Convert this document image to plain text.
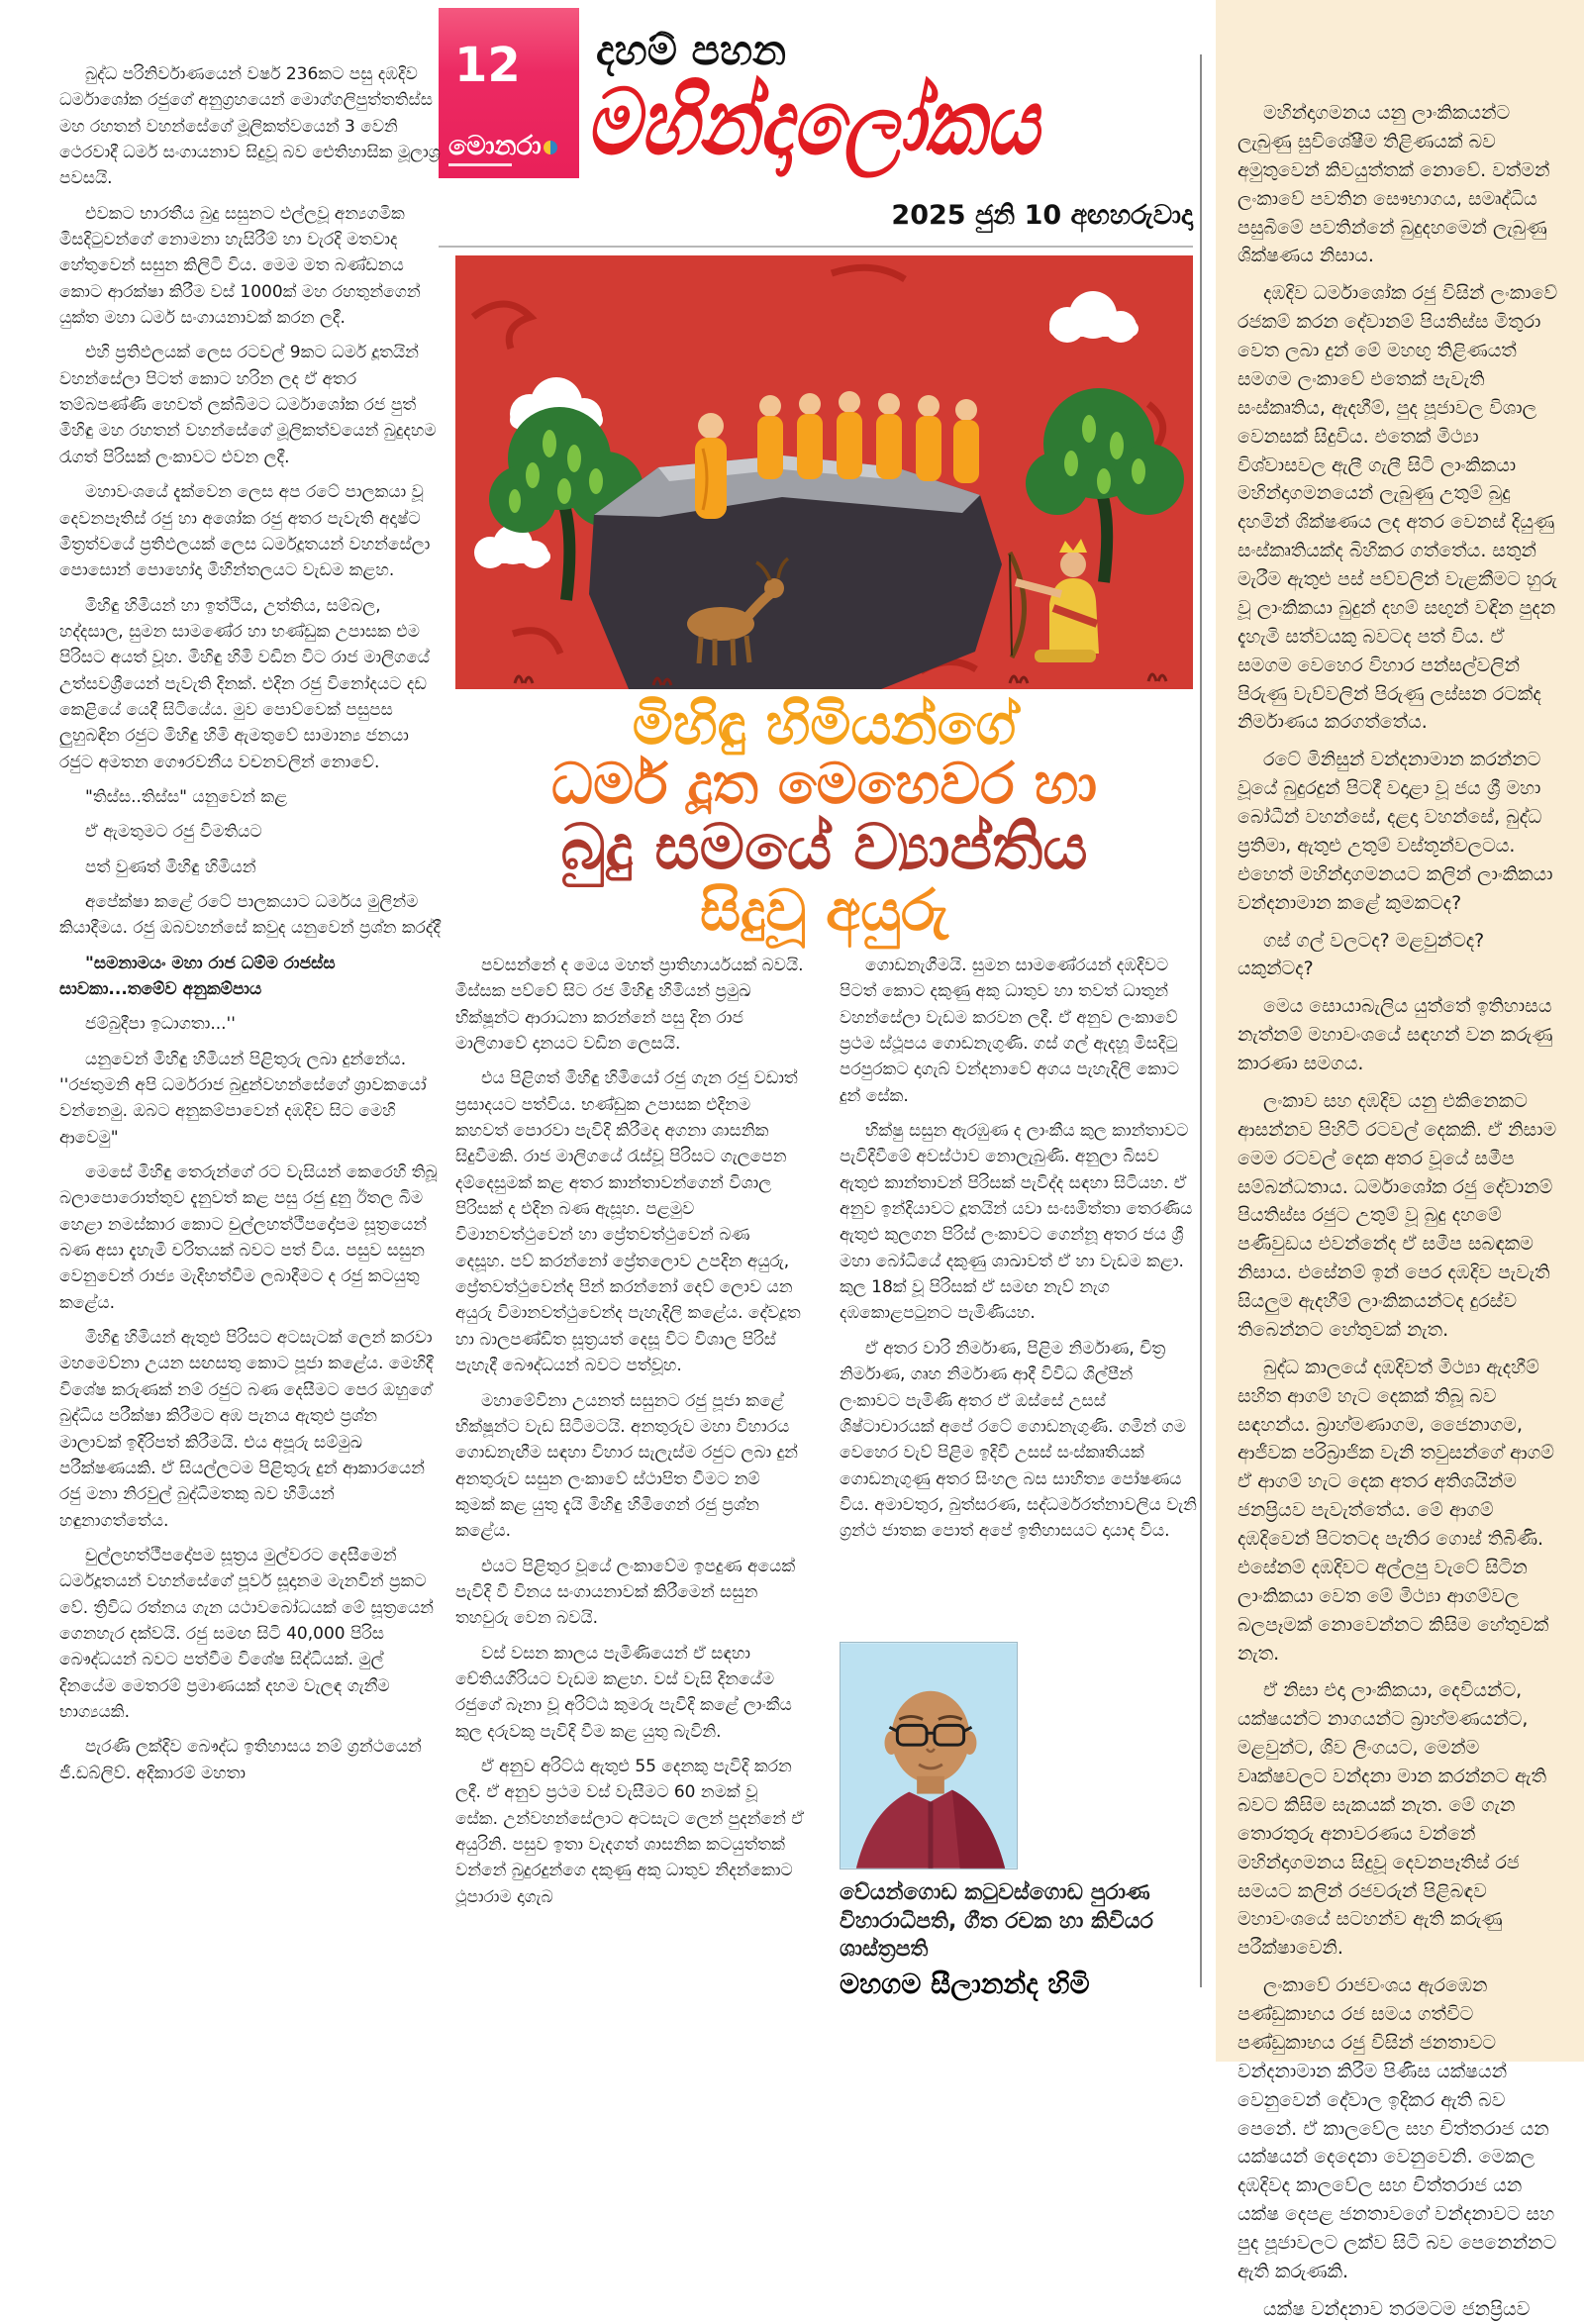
12
මොනරා
දහම් පහන
මහින්දාලෝකය
2025 ජුනි 10 අඟහරුවාදා
මිහිඳු හිමියන්ගේ
ධර්ම දූත මෙහෙවර හා
බුදු සමයේ ව්‍යාප්තිය
සිදුවූ අයුරු

බුද්ධ පරිනිර්වාණයෙන් වර්ෂ 236කට පසු දඹදිව ධර්මාශෝක රජුගේ අනුග්‍රහයෙන් මොග්ගලිපුත්තතිස්ස මහ රහතන් වහන්සේගේ මූලිකත්වයෙන් 3 වෙනි ථෙරවාදී ධර්ම සංගායනාව සිදුවූ බව ඓතිහාසික මූලාශ්‍ර පවසයි.

එවකට භාරතීය බුදු සසුනට එල්ලවූ අන්‍යගමික මිසදිටුවන්ගේ නොමනා හැසිරීම් හා වැරදි මතවාද හේතුවෙන් සසුන කිලිටි විය. මෙම මත බණ්ඩනය කොට ආරක්ෂා කිරීම වස් 1000ක් මහ රහතුන්ගෙන් යුක්ත මහා ධර්ම සංගායනාවක් කරන ලදී.

එහි ප්‍රතිඵලයක් ලෙස රටවල් 9කට ධර්ම දූතයින් වහන්සේලා පිටත් කොට හරින ලද ඒ අතර තම්බපණ්ණි හෙවත් ලක්බිමට ධර්මාශෝක රජ පුත් මිහිඳු මහ රහතන් වහන්සේගේ මූලිකත්වයෙන් බුදුදහම රැගත් පිරිසක් ලංකාවට එවන ලදී.

මහාවංශයේ දැක්වෙන ලෙස අප රටේ පාලකයා වූ දෙවනපෑතිස් රජු හා අශෝක රජු අතර පැවැති අදෘෂ්ට මිත්‍රත්වයේ ප්‍රතිඵලයක් ලෙස ධර්මදූතයන් වහන්සේලා පොසොන් පොහෝදා මිහින්තලයට වැඩම කළහ.

මිහිඳු හිමියන් හා ඉත්ථිය, උත්තිය, සම්බල, හද්දසාල, සුමන සාමණේර හා භණ්ඩුක උපාසක එම පිරිසට අයත් වූහ. මිහිඳු හිමි වඩින විට රාජ මාලිගයේ උත්සවශ්‍රීයෙන් පැවැති දිනක්. එදින රජු විනෝදයට දඩ කෙළියේ යෙදී සිටියේය. මුව පොව්වෙක් පසුපස ලුහුබඳින රජුට මිහිඳු හිමි ඇමතුවේ සාමාන්‍ය ජනයා රජුට අමතන ගෞරවනීය වචනවලින් නොවේ.

"තිස්ස..තිස්ස" යනුවෙන් කළ

ඒ ඇමතුමට රජු විමතියට

පත් වුණත් මිහිඳු හිමියන්

අපේක්ෂා කළේ රටේ පාලකයාට ධර්මය මුලින්ම කියාදීමය. රජු ඔබවහන්සේ කවුද යනුවෙන් ප්‍රශ්න කරද්දී

"සමනාමයං මහා රාජ ධම්ම රාජස්ස සාවකා...තමේව අනුකම්පාය

ජම්බුදීපා ඉධාගතා...''

යනුවෙන් මිහිඳු හිමියන් පිළිතුරු ලබා දුන්නේය. ''රජතුමනි අපි ධර්මරාජ බුදුන්වහන්සේගේ ශ්‍රාවකයෝ වන්නෙමු. ඔබට අනුකම්පාවෙන් දඹදිව සිට මෙහි ආවෙමු"

මෙසේ මිහිඳු තෙරුන්ගේ රට වැසියන් කෙරෙහි තිබූ බලාපොරොත්තුව දැනුවත් කළ පසු රජු දුනු ඊතල බිම හෙළා නමස්කාර කොට චුල්ලහත්ථීපදෝපම සූත්‍රයෙන් බණ අසා දැහැමි චරිතයක් බවට පත් විය. පසුව සසුන වෙනුවෙන් රාජ්‍ය මැදිහත්වීම ලබාදීමට ද රජු කටයුතු කළේය.

මිහිඳු හිමියන් ඇතුළු පිරිසට අටසැටක් ලෙන් කරවා මහමෙව්නා උයන සඟසතු කොට පූජා කළේය. මෙහිදී විශේෂ කරුණක් නම් රජුට බණ දෙසීමට පෙර ඔහුගේ බුද්ධිය පරීක්ෂා කිරීමට අඹ පැනය ඇතුළු ප්‍රශ්න මාලාවක් ඉදිරිපත් කිරීමයි. එය අපූරු සම්මුඛ පරීක්ෂණයකි. ඒ සියල්ලටම පිළිතුරු දුන් ආකාරයෙන් රජු මනා නිරවුල් බුද්ධිමතකු බව හිමියන් හඳුනාගත්තේය.

චුල්ලහත්ථීපදෝපම සූත්‍රය මුල්වරට දෙසීමෙන් ධර්මදූතයන් වහන්සේගේ පූර්ව සූදානම මැනවින් ප්‍රකට වේ. ත්‍රිවිධ රත්නය ගැන යථාවබෝධයක් මේ සූත්‍රයෙන් ගෙනහැර දක්වයි. රජු සමඟ සිටි 40,000 පිරිස බෞද්ධයන් බවට පත්වීම විශේෂ සිද්ධියක්. මුල් දිනයේම මෙතරම් ප්‍රමාණයක් දහම වැලඳ ගැනීම භාග්‍යයකි.

පැරණි ලක්දිව බෞද්ධ ඉතිහාසය නම් ග්‍රන්ථයෙන් ජී.ඩබ්ලිව්. අදිකාරම් මහතා

පවසන්නේ ද මෙය මහත් ප්‍රාතිහාර්යයක් බවයි. මිස්සක පව්වේ සිට රජ මිහිඳු හිමියන් ප්‍රමුඛ භික්ෂූන්ට ආරාධනා කරන්නේ පසු දින රාජ මාලිගාවේ දානයට වඩින ලෙසයි.

එය පිළිගත් මිහිඳු හිමියෝ රජු ගැන රජු වඩාත් ප්‍රසාදයට පත්විය. භණ්ඩුක උපාසක එදිනම කහවත් පොරවා පැවිදි කිරීමද අගනා ශාසනික සිදුවීමකි. රාජ මාලිගයේ රැස්වූ පිරිසට ගැලපෙන දම්දෙසුමක් කළ අතර කාන්තාවන්ගෙන් විශාල පිරිසක් ද එදින බණ ඇසූහ. පළමුව විමානවත්ථුවෙන් හා ප්‍රේතවත්ථුවෙන් බණ දෙසූහ. පව් කරන්නෝ ප්‍රේතලොව උපදින අයුරු, ප්‍රේතවත්ථුවෙන්ද පින් කරන්නෝ දෙව් ලොව යන අයුරු විමානවත්ථුවෙන්ද පැහැදිලි කළේය. දේවදූත හා බාලපණ්ඩිත සූත්‍රයත් දෙසූ විට විශාල පිරිස් පැහැදී බෞද්ධයන් බවට පත්වූහ.

මහාමේවිනා උයනත් සසුනට රජු පූජා කළේ භික්ෂූන්ට වැඩ සිටීමටයි. අනතුරුව මහා විහාරය ගොඩනැඟීම සඳහා විහාර සැලැස්ම රජුට ලබා දුන් අනතුරුව සසුන ලංකාවේ ස්ථාපිත වීමට නම් කුමක් කළ යුතු දැයි මිහිඳු හිමිගෙන් රජු ප්‍රශ්න කළේය.

එයට පිළිතුර වූයේ ලංකාවේම ඉපදුණ අයෙක් පැවිදි වී විනය සංගායනාවක් කිරීමෙන් සසුන තහවුරු වෙන බවයි.

වස් වසන කාලය පැමිණියෙන් ඒ සඳහා චේතියගිරියට වැඩම කළහ. වස් වැසි දිනයේම රජුගේ බෑනා වූ අරිට්ඨ කුමරු පැවිදි කළේ ලාංකීය කුල දරුවකු පැවිදි වීම කළ යුතු බැවිනි.

ඒ අනුව අරිට්ඨ ඇතුළු 55 දෙනකු පැවිදි කරන ලදී. ඒ අනුව ප්‍රථම වස් වැසීමට 60 නමක් වූ සේක. උන්වහන්සේලාට අටසැට ලෙන් පුදන්නේ ඒ අයුරිනි. පසුව ඉතා වැදගත් ශාසනික කටයුත්තක් වන්නේ බුදුරදුන්ගෙ දකුණු අකු ධාතුව නිදන්කොට ථූපාරාම දාගැබ

ගොඩනැගීමයි. සුමන සාමණේරයන් දඹදිවට පිටත් කොට දකුණු අකු ධාතුව හා තවත් ධාතුන් වහන්සේලා වැඩම කරවන ලදී. ඒ අනුව ලංකාවේ ප්‍රථම ස්ථූපය ගොඩනැගුණි. ගස් ගල් ඇදහූ මිසදිටු පරපුරකට දාගැබ් වන්දනාවේ අගය පැහැදිලි කොට දුන් සේක.

භික්ෂු සසුන ඇරඹුණ ද ලාංකීය කුල කාන්තාවට පැවිදිවීමේ අවස්ථාව නොලැබුණි. අනුලා බිසව ඇතුළු කාන්තාවන් පිරිසක් පැවිද්ද සඳහා සිටියහ. ඒ අනුව ඉන්දියාවට දූතයින් යවා සංඝමිත්තා තෙරණිය ඇතුළු කුලගන පිරිස් ලංකාවට ගෙන්නූ අතර ජය ශ්‍රී මහා බෝධියේ දකුණු ශාඛාවත් ඒ හා වැඩම කළා. කුල 18ක් වූ පිරිසක් ඒ සමඟ නැව් නැග දඹකොළපටුනට පැමිණියහ.

ඒ අතර වාරි නිර්මාණ, පිළිම නිර්මාණ, චිත්‍ර නිර්මාණ, ගෘහ නිර්මාණ ආදී විවිධ ශිල්පීන් ලංකාවට පැමිණි අතර ඒ ඔස්සේ උසස් ශිෂ්ටාචාරයක් අපේ රටේ ගොඩනැගුණි. ගමින් ගම වෙහෙර වැව් පිළිම ඉදිවී උසස් සංස්කෘතියක් ගොඩනැගුණු අතර සිංහල බස සාහිත්‍ය පෝෂණය විය. අමාවතුර, බුත්සරණ, සද්ධර්මරත්නාවලිය වැනි ග්‍රන්ථ ජාතක පොත් අපේ ඉතිහාසයට දායාද විය.

වේයන්ගොඩ කටුවස්ගොඩ පුරාණ විහාරාධිපති, ගීත රචක හා කිවියර ශාස්ත්‍රපති
මහගම සීලානන්ද හිමි

මහින්දාගමනය යනු ලාංකිකයන්ට ලැබුණු සුවිශේෂීම තිළිණයක් බව අමුතුවෙන් කිවයුත්තක් නොවේ. වත්මන් ලංකාවේ පවතින සෞභාගය, සමෘද්ධිය පසුබිමේ පවතින්නේ බුදුදහමෙන් ලැබුණු ශික්ෂණය නිසාය.

දඹදිව ධර්මාශෝක රජු විසින් ලංකාවේ රජකම් කරන දේවානම් පියතිස්ස මිතුරා වෙත ලබා දුන් මේ මහඟු තිළිණයත් සමගම ලංකාවේ එතෙක් පැවැති සංස්කෘතිය, ඇදහීම්, පුද පූජාවල විශාල වෙනසක් සිදුවිය. එතෙක් මිථ්‍යා විශ්වාසවල ඇලී ගැලී සිටි ලාංකිකයා මහින්දාගමනයෙන් ලැබුණු උතුම් බුදු දහමින් ශික්ෂණය ලද අතර වෙනස් දියුණු සංස්කෘතියක්ද බිහිකර ගත්තේය. සතුන් මැරීම ඇතුළු පස් පව්වලින් වැළකීමට හුරු වූ ලාංකිකයා බුදුන් දහම් සඟුන් වඳින පුදන දැහැමි සත්වයකු බවටද පත් විය. ඒ සමගම වෙහෙර විහාර පන්සල්වලින් පිරුණු වැව්වලින් පිරුණු ලස්සන රටක්ද නිර්මාණය කරගත්තේය.

රටේ මිනිසුන් වන්දනාමාන කරන්නට වූයේ බුදුරදුන් පිටදී වදාළා වූ ජය ශ්‍රී මහා බෝධීන් වහන්සේ, දළදා වහන්සේ, බුද්ධ ප්‍රතිමා, ඇතුළු උතුම් වස්තූන්වලටය. එහෙත් මහින්දාගමනයට කලින් ලාංකිකයා වන්දනාමාන කළේ කුමකටද?

ගස් ගල් වලටද? මළවුන්ටද? යකුන්ටද?

මෙය සොයාබැලිය යුත්තේ ඉතිහාසය නැත්නම් මහාවංශයේ සඳහන් වන කරුණු කාරණා සමගය.

ලංකාව සහ දඹදිව යනු එකිනෙකට ආසන්නව පිහිටි රටවල් දෙකකි. ඒ නිසාම මෙම රටවල් දෙක අතර වූයේ සමීප සම්බන්ධතාය. ධර්මාශෝක රජු දේවානම් පියතිස්ස රජුට උතුම් වූ බුදු දහමේ පණිවුඩය එවන්නේද ඒ සමීප සබඳකම නිසාය. එසේනම් ඉන් පෙර දඹදිව පැවැති සියලුම ඇදහීම් ලාංකිකයන්ටද දුරස්ව තිබෙන්නට හේතුවක් නැත.

බුද්ධ කාලයේ දඹදිවත් මිථ්‍යා ඇදහීම් සහිත ආගම් හැට දෙකක් තිබූ බව සඳහන්ය. බ්‍රාහ්මණාගම, ජෛනාගම, ආජීවක පරිබ්‍රාජික වැනි තවුසන්ගේ ආගම් ඒ ආගම් හැට දෙක අතර අතිශයින්ම ජනප්‍රියව පැවැත්තේය. මේ ආගම් දඹදිවෙන් පිටතටද පැතිර ගොස් තිබිණි. එසේනම් දඹදිවට අල්ලපු වැටේ සිටින ලාංකිකයා වෙත මේ මිථ්‍යා ආගම්වල බලපෑමක් නොවෙන්නට කිසිම හේතුවක් නැත.

ඒ නිසා එදා ලාංකිකයා, දෙවියන්ට, යක්ෂයන්ට නාගයන්ට බ්‍රාහ්මණයන්ට, මළවුන්ට, ශිව ලිංගයට, මෙන්ම වෘක්ෂවලට වන්දනා මාන කරන්නට ඇති බවට කිසිම සැකයක් නැත. මේ ගැන තොරතුරු අනාවරණය වන්නේ මහින්දාගමනය සිදුවූ දෙවනපෑතිස් රජ සමයට කලින් රජවරුන් පිළිබඳව මහාවංශයේ සටහන්ව ඇති කරුණු පරීක්ෂාවෙනි.

ලංකාවේ රාජවංශය ඇරඹෙන පණ්ඩුකාභය රජ සමය ගත්විට පණ්ඩුකාභය රජු විසින් ජනතාවට වන්දනාමාන කිරීම පිණිස යක්ෂයන් වෙනුවෙන් දේවාල ඉදිකර ඇති බව පෙනේ. ඒ කාලවේල සහ චිත්තරාජ යන යක්ෂයන් දෙදෙනා වෙනුවෙනි. මෙකල දඹදිවද කාලවේල සහ චිත්තරාජ යන යක්ෂ දෙපළ ජනතාවගේ වන්දනාවට සහ පුද පූජාවලට ලක්ව සිටි බව පෙනෙන්නට ඇති කරුණකි.

යක්ෂ වන්දනාව තරමටම ජනප්‍රියව
